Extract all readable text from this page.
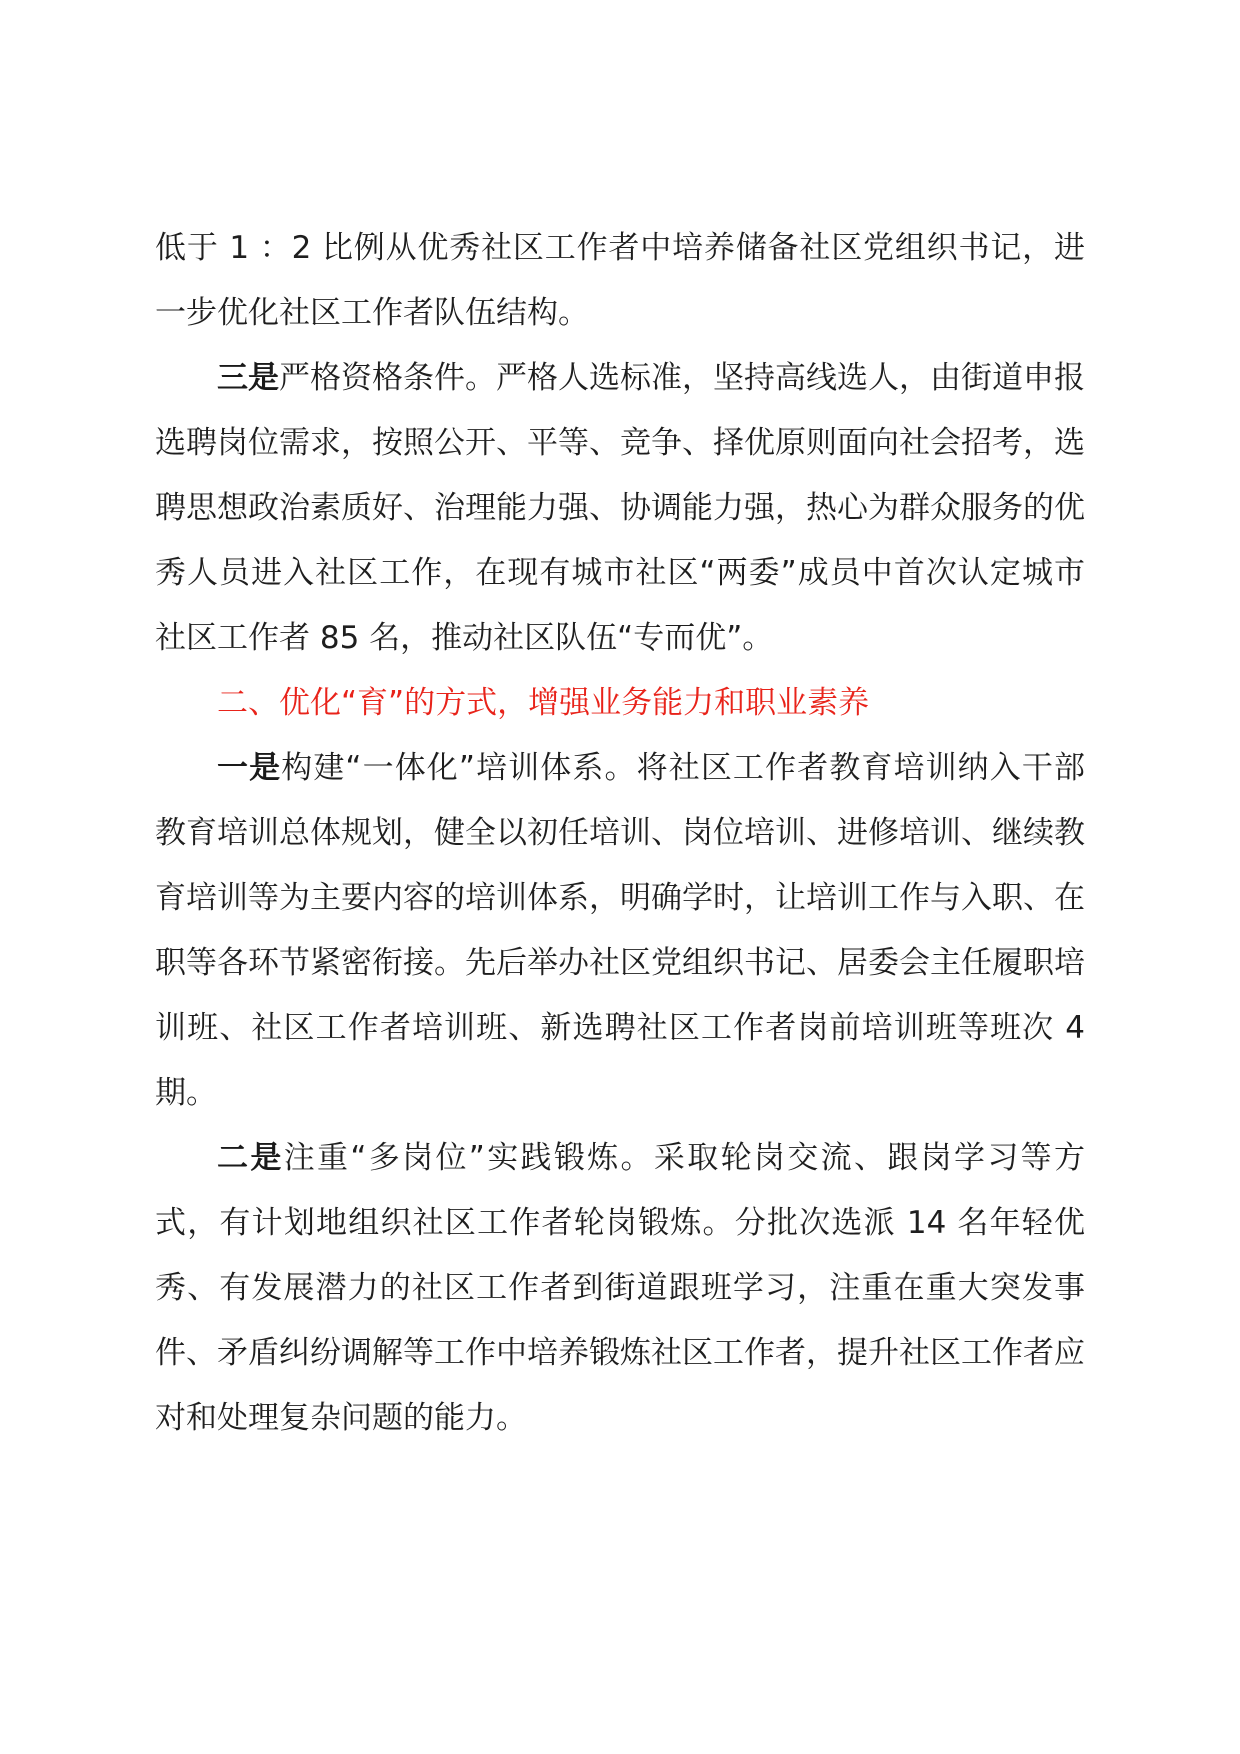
低于 1 ：2 比例从优秀社区工作者中培养储备社区党组织书记，进一步优化社区工作者队伍结构。

三是严格资格条件。严格人选标准，坚持高线选人，由街道申报选聘岗位需求，按照公开、平等、竞争、择优原则面向社会招考，选聘思想政治素质好、治理能力强、协调能力强，热心为群众服务的优秀人员进入社区工作，在现有城市社区“两委”成员中首次认定城市社区工作者 85 名，推动社区队伍“专而优”。

二、优化“育”的方式，增强业务能力和职业素养

一是构建“一体化”培训体系。将社区工作者教育培训纳入干部教育培训总体规划，健全以初任培训、岗位培训、进修培训、继续教育培训等为主要内容的培训体系，明确学时，让培训工作与入职、在职等各环节紧密衔接。先后举办社区党组织书记、居委会主任履职培训班、社区工作者培训班、新选聘社区工作者岗前培训班等班次 4 期。

二是注重“多岗位”实践锻炼。采取轮岗交流、跟岗学习等方式，有计划地组织社区工作者轮岗锻炼。分批次选派 14 名年轻优秀、有发展潜力的社区工作者到街道跟班学习，注重在重大突发事件、矛盾纠纷调解等工作中培养锻炼社区工作者，提升社区工作者应对和处理复杂问题的能力。
